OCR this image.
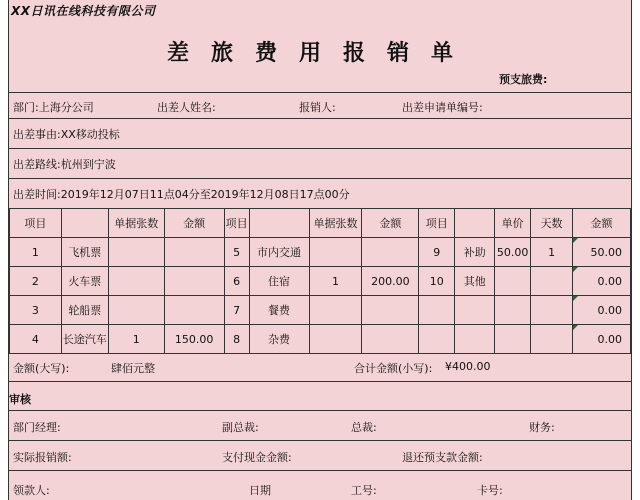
XX日讯在线科技有限公司
差旅费用报销单
预支旅费:
部门:上海分公司	出差人姓名:	报销人:	出差申请单编号:
出差事由:XX移动投标
出差路线:杭州到宁波
出差时间:2019年12月07日11点04分至2019年12月08日17点00分
项目		单据张数	金额	项目		单据张数	金额	项目		单价	天数	金额
1	飞机票			5	市内交通			9	补助	50.00	1	50.00
2	火车票			6	住宿	1	200.00	10	其他			0.00
3	轮船票			7	餐费							0.00
4	长途汽车	1	150.00	8	杂费							0.00
金额(大写):	肆佰元整	合计金额(小写): ¥400.00
审核
部门经理:	副总裁:	总裁:	财务:
实际报销额:	支付现金金额:	退还预支款金额:
领款人:	日期	工号:	卡号:
